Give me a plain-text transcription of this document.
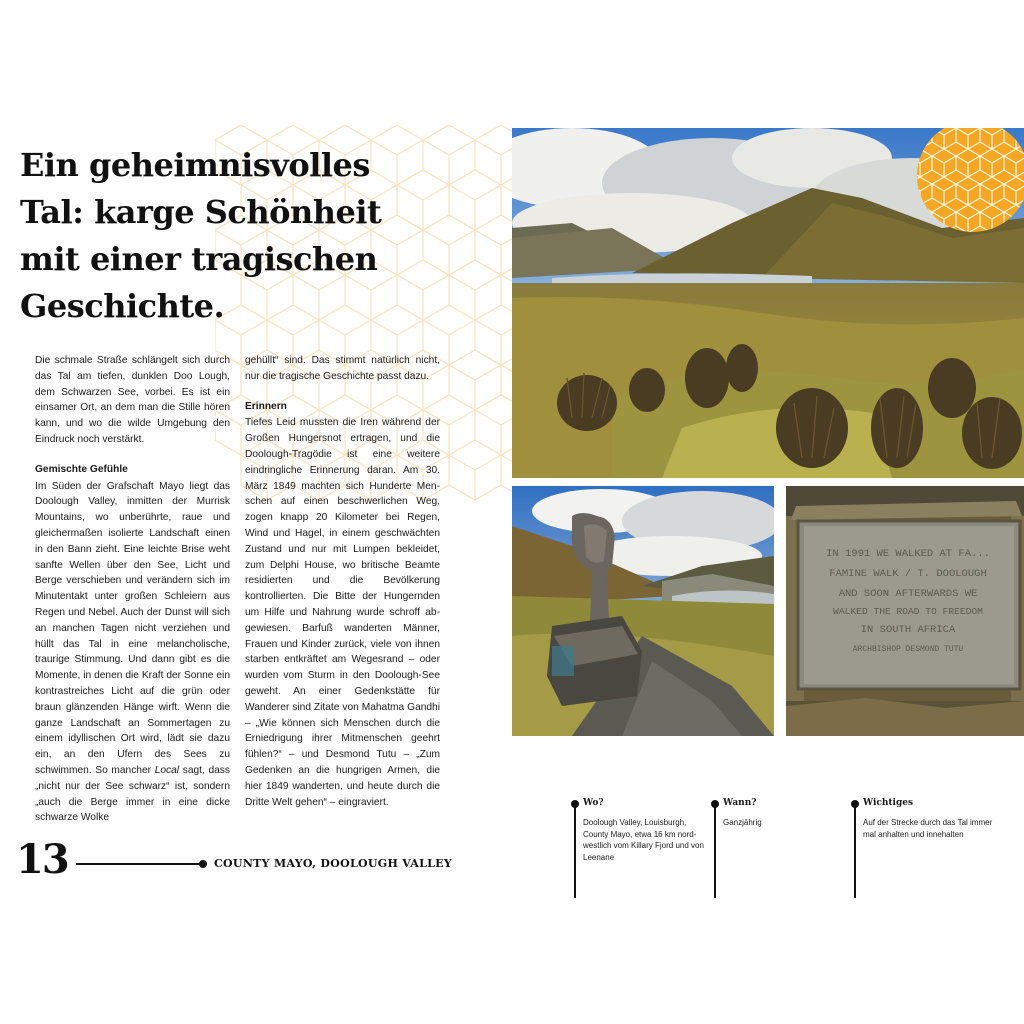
Ein geheimnisvolles
Tal: karge Schönheit
mit einer tragischen
Geschichte.

Die schmale Straße schlängelt sich durch das Tal am tiefen, dunklen Doo Lough, dem Schwarzen See, vorbei. Es ist ein einsamer Ort, an dem man die Stille hören kann, und wo die wilde Umgebung den Eindruck noch verstärkt.

Gemischte Gefühle

Im Süden der Grafschaft Mayo liegt das Doolough Valley, inmitten der Murrisk Mountains, wo unberührte, raue und gleichermaßen isolierte Landschaft einen in den Bann zieht. Eine leichte Brise weht sanfte Wellen über den See, Licht und Berge verschieben und verändern sich im Minutentakt unter großen Schleiern aus Regen und Nebel. Auch der Dunst will sich an manchen Tagen nicht verziehen und hüllt das Tal in eine melancholische, traurige Stimmung. Und dann gibt es die Momente, in denen die Kraft der Sonne ein kontrastreiches Licht auf die grün oder braun glänzenden Hänge wirft. Wenn die ganze Landschaft an Sommertagen zu einem idyllischen Ort wird, lädt sie dazu ein, an den Ufern des Sees zu schwimmen. So mancher Local sagt, dass „nicht nur der See schwarz“ ist, sondern „auch die Berge immer in eine dicke schwarze Wolke

gehüllt“ sind. Das stimmt natürlich nicht, nur die tragische Geschichte passt dazu.

Erinnern

Tiefes Leid mussten die Iren während der Großen Hungersnot ertragen, und die Doolough-Tragödie ist eine weitere eindringliche Erinnerung daran. Am 30. März 1849 machten sich Hunderte Menschen auf einen beschwerlichen Weg, zogen knapp 20 Kilometer bei Regen, Wind und Hagel, in einem geschwächten Zustand und nur mit Lumpen bekleidet, zum Delphi House, wo britische Beamte residierten und die Bevölkerung kontrollierten. Die Bitte der Hungernden um Hilfe und Nahrung wurde schroff abgewiesen. Barfuß wanderten Männer, Frauen und Kinder zurück, viele von ihnen starben entkräftet am Wegesrand – oder wurden vom Sturm in den Doolough-See geweht. An einer Gedenkstätte für Wanderer sind Zitate von Mahatma Gandhi – „Wie können sich Menschen durch die Erniedrigung ihrer Mitmenschen geehrt fühlen?“ – und Desmond Tutu – „Zum Gedenken an die hungrigen Armen, die hier 1849 wanderten, und heute durch die Dritte Welt gehen“ – eingraviert.

13	COUNTY MAYO, DOOLOUGH VALLEY
IN 1991 WE WALKED AT FA...
FAMINE WALK / T. DOOLOUGH
AND SOON AFTERWARDS WE
WALKED THE ROAD TO FREEDOM
IN SOUTH AFRICA
ARCHBISHOP DESMOND TUTU
Wo?
Doolough Valley, Louisburgh, County Mayo, etwa 16 km nordwestlich vom Killary Fjord und von Leenane
Wann?
Ganzjährig
Wichtiges
Auf der Strecke durch das Tal immer mal anhalten und innehalten
